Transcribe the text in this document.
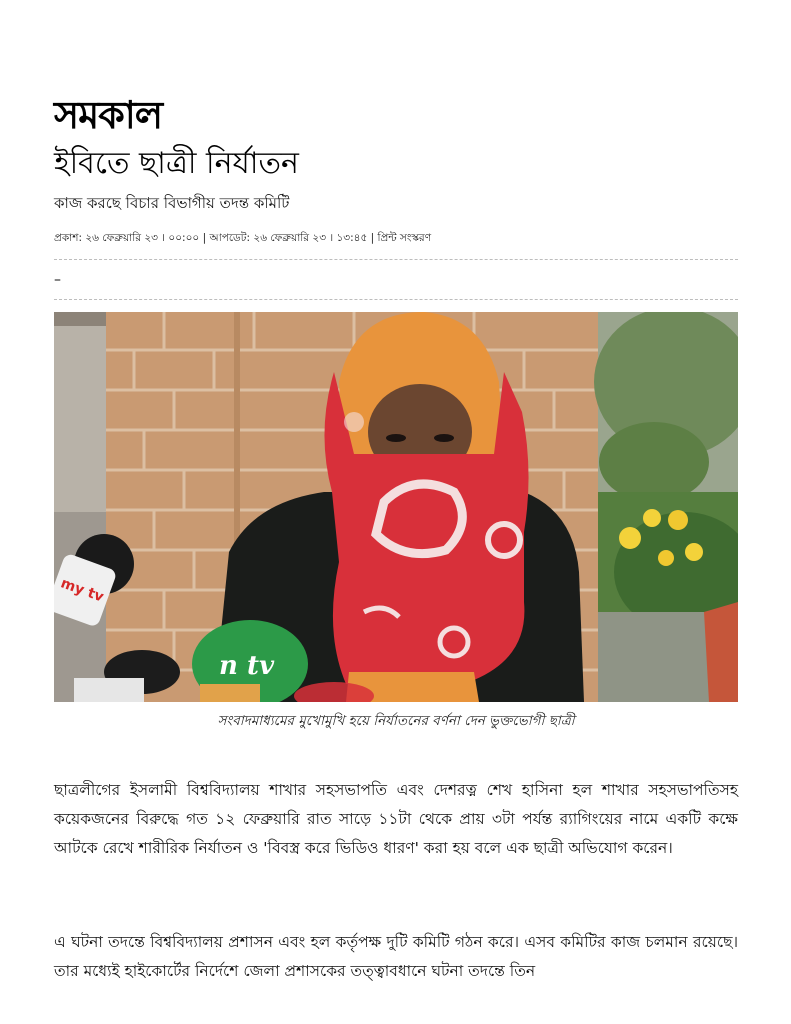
সমকাল
ইবিতে ছাত্রী নির্যাতন
কাজ করছে বিচার বিভাগীয় তদন্ত কমিটি
প্রকাশ: ২৬ ফেব্রুয়ারি ২৩ । ০০:০০ | আপডেট: ২৬ ফেব্রুয়ারি ২৩ । ১৩:৪৫ | প্রিন্ট সংস্করণ
–
my tv
n tv
সংবাদমাধ্যমের মুখোমুখি হয়ে নির্যাতনের বর্ণনা দেন ভুক্তভোগী ছাত্রী

ছাত্রলীগের ইসলামী বিশ্ববিদ্যালয় শাখার সহসভাপতি এবং দেশরত্ন শেখ হাসিনা হল শাখার সহসভাপতিসহ কয়েকজনের বিরুদ্ধে গত ১২ ফেব্রুয়ারি রাত সাড়ে ১১টা থেকে প্রায় ৩টা পর্যন্ত র‍্যাগিংয়ের নামে একটি কক্ষে আটকে রেখে শারীরিক নির্যাতন ও 'বিবস্ত্র করে ভিডিও ধারণ' করা হয় বলে এক ছাত্রী অভিযোগ করেন।

এ ঘটনা তদন্তে বিশ্ববিদ্যালয় প্রশাসন এবং হল কর্তৃপক্ষ দুটি কমিটি গঠন করে। এসব কমিটির কাজ চলমান রয়েছে। তার মধ্যেই হাইকোর্টের নির্দেশে জেলা প্রশাসকের তত্ত্বাবধানে ঘটনা তদন্তে তিন
